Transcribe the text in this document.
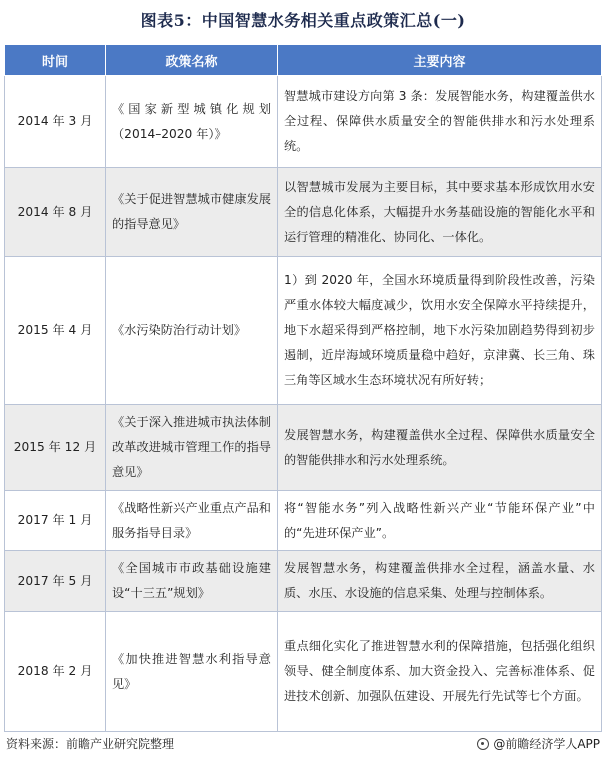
图表5：中国智慧水务相关重点政策汇总(一)
时间	政策名称	主要内容
2014 年 3 月	《国家新型城镇化规划（2014–2020 年）》	智慧城市建设方向第 3 条：发展智能水务，构建覆盖供水全过程、保障供水质量安全的智能供排水和污水处理系统。
2014 年 8 月	《关于促进智慧城市健康发展的指导意见》	以智慧城市发展为主要目标，其中要求基本形成饮用水安全的信息化体系，大幅提升水务基础设施的智能化水平和运行管理的精准化、协同化、一体化。
2015 年 4 月	《水污染防治行动计划》	1）到 2020 年，全国水环境质量得到阶段性改善，污染严重水体较大幅度减少，饮用水安全保障水平持续提升，地下水超采得到严格控制，地下水污染加剧趋势得到初步遏制，近岸海域环境质量稳中趋好，京津冀、长三角、珠三角等区域水生态环境状况有所好转；
2015 年 12 月	《关于深入推进城市执法体制改革改进城市管理工作的指导意见》	发展智慧水务，构建覆盖供水全过程、保障供水质量安全的智能供排水和污水处理系统。
2017 年 1 月	《战略性新兴产业重点产品和服务指导目录》	将“智能水务”列入战略性新兴产业“节能环保产业”中的“先进环保产业”。
2017 年 5 月	《全国城市市政基础设施建设“十三五”规划》	发展智慧水务，构建覆盖供排水全过程，涵盖水量、水质、水压、水设施的信息采集、处理与控制体系。
2018 年 2 月	《加快推进智慧水利指导意见》	重点细化实化了推进智慧水利的保障措施，包括强化组织领导、健全制度体系、加大资金投入、完善标准体系、促进技术创新、加强队伍建设、开展先行先试等七个方面。
资料来源：前瞻产业研究院整理	@前瞻经济学人APP
